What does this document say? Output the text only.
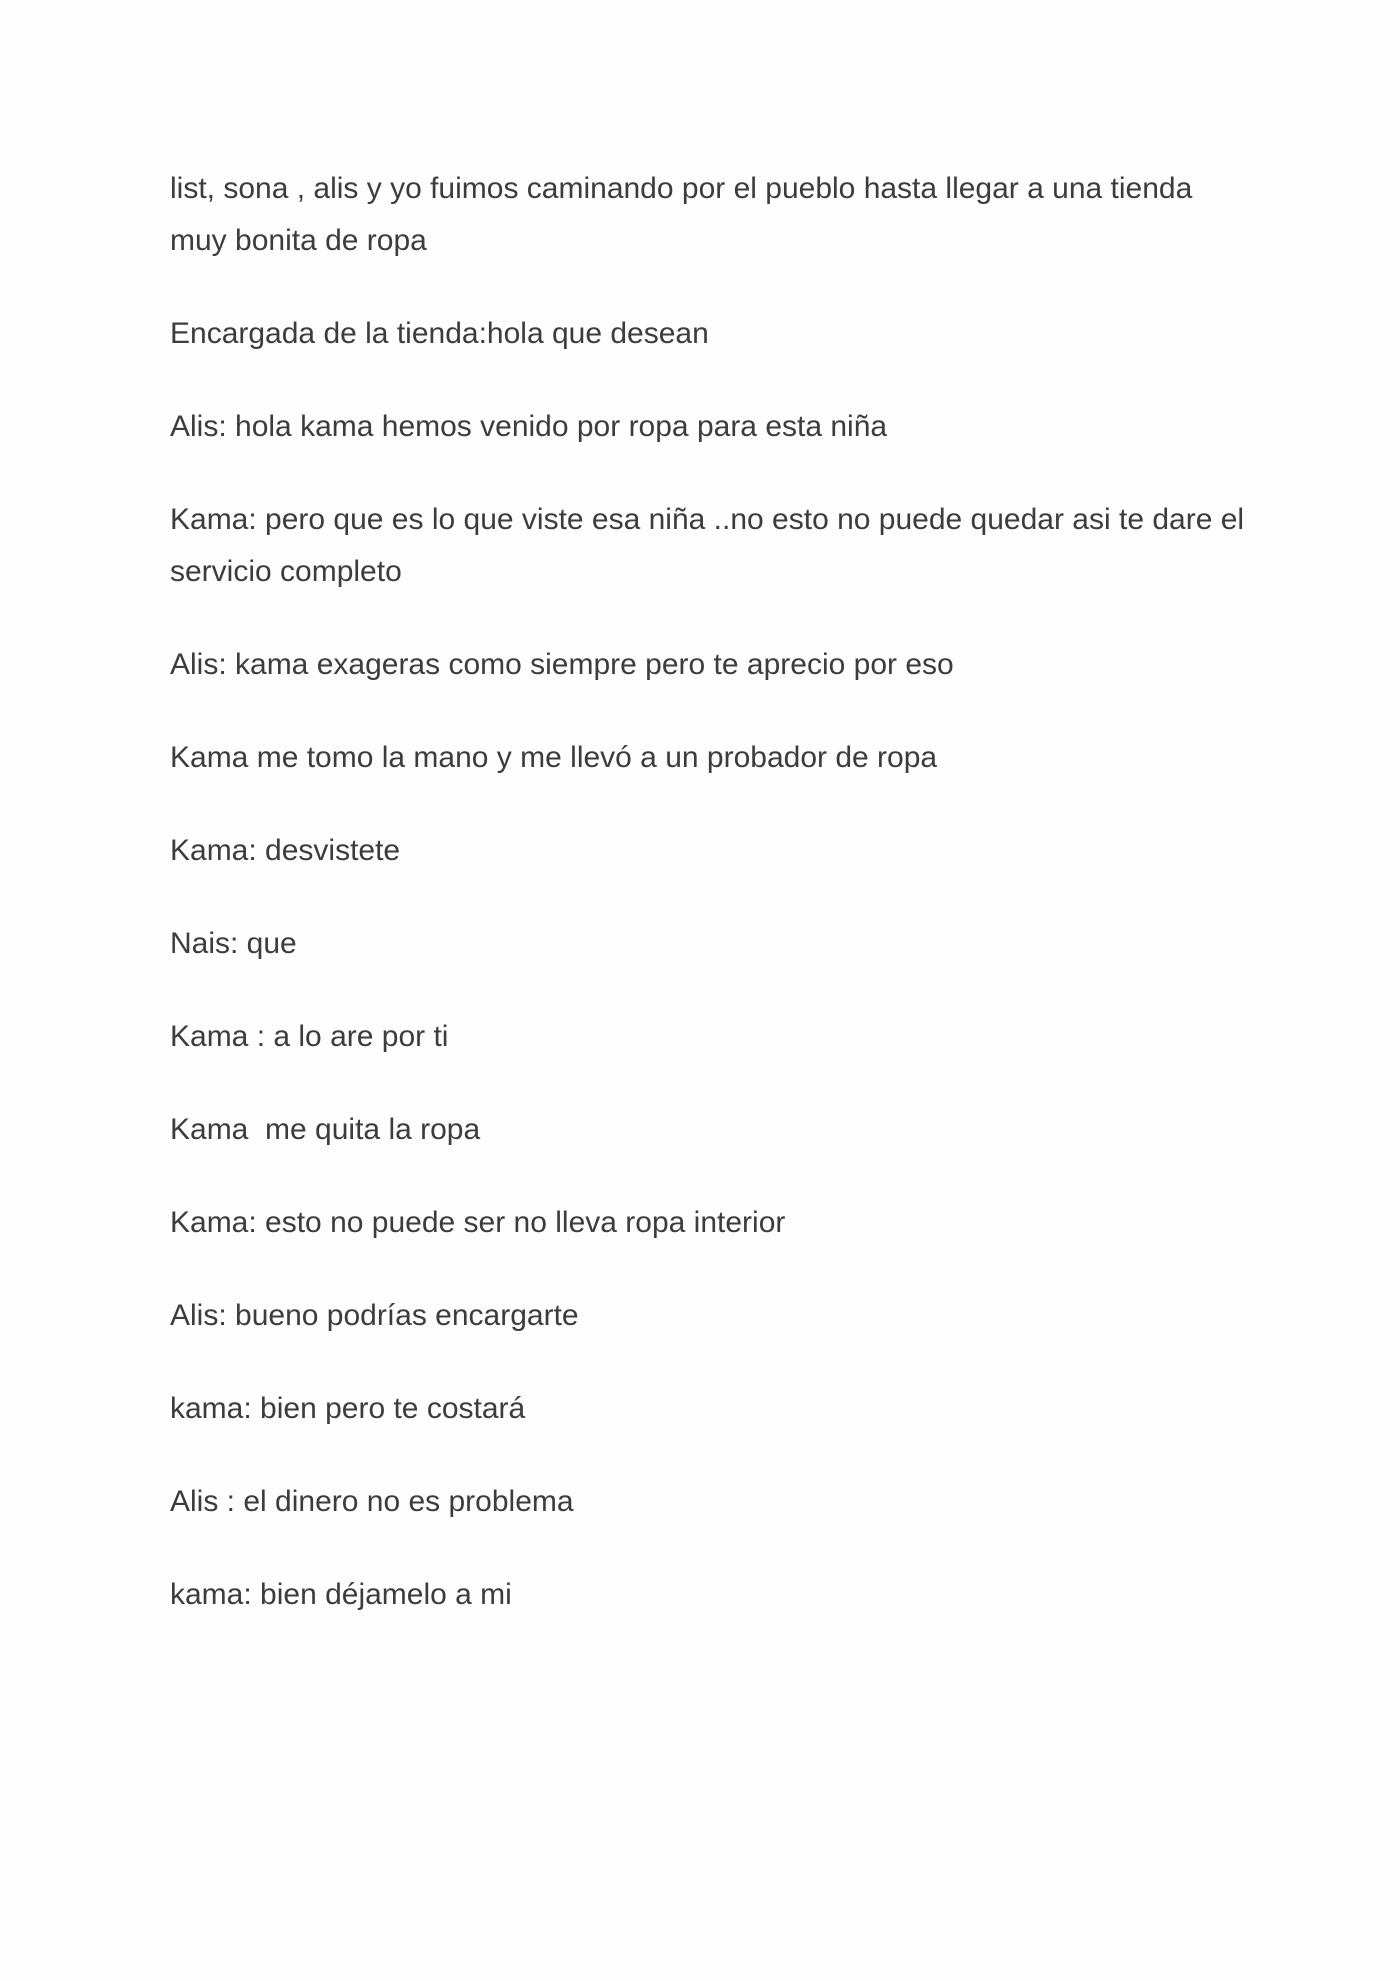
list, sona , alis y yo fuimos caminando por el pueblo hasta llegar a una tienda muy bonita de ropa

Encargada de la tienda:hola que desean

Alis: hola kama hemos venido por ropa para esta niña

Kama: pero que es lo que viste esa niña ..no esto no puede quedar asi te dare el servicio completo

Alis: kama exageras como siempre pero te aprecio por eso

Kama me tomo la mano y me llevó a un probador de ropa

Kama: desvistete

Nais: que

Kama : a lo are por ti

Kama  me quita la ropa

Kama: esto no puede ser no lleva ropa interior

Alis: bueno podrías encargarte

kama: bien pero te costará

Alis : el dinero no es problema

kama: bien déjamelo a mi
